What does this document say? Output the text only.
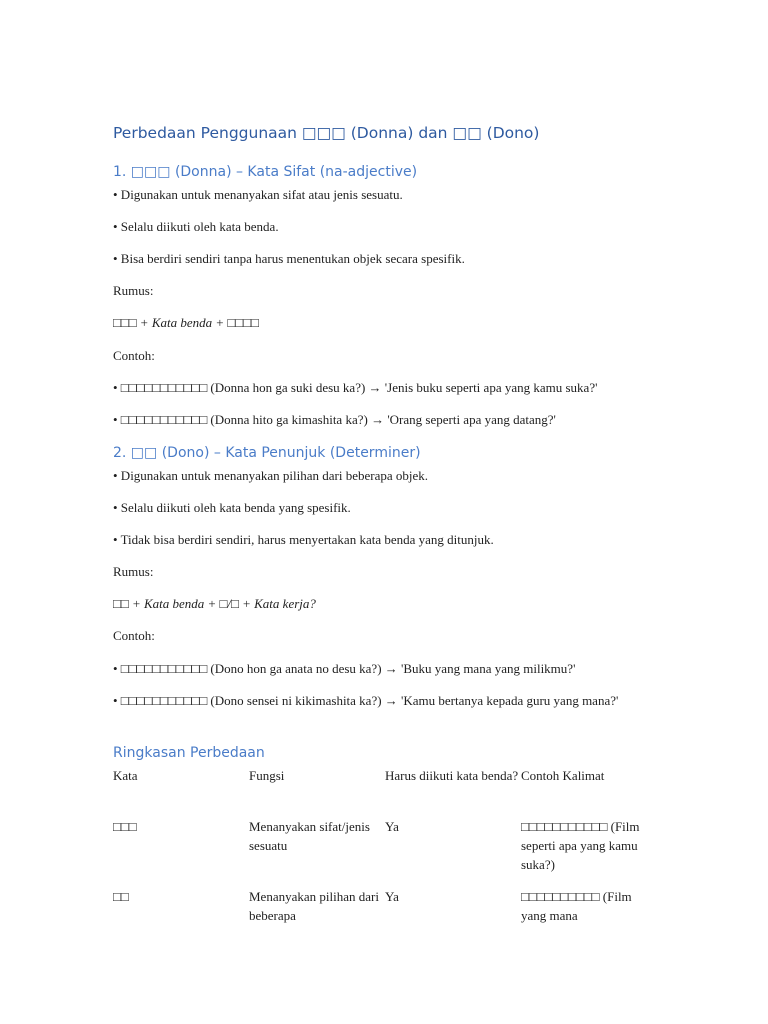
Perbedaan Penggunaan □□□ (Donna) dan □□ (Dono)
1. □□□ (Donna) – Kata Sifat (na-adjective)

• Digunakan untuk menanyakan sifat atau jenis sesuatu.

• Selalu diikuti oleh kata benda.

• Bisa berdiri sendiri tanpa harus menentukan objek secara spesifik.

Rumus:

□□□ + Kata benda + □□□□

Contoh:

• □□□□□□□□□□□ (Donna hon ga suki desu ka?) → 'Jenis buku seperti apa yang kamu suka?'

• □□□□□□□□□□□ (Donna hito ga kimashita ka?) → 'Orang seperti apa yang datang?'

2. □□ (Dono) – Kata Penunjuk (Determiner)

• Digunakan untuk menanyakan pilihan dari beberapa objek.

• Selalu diikuti oleh kata benda yang spesifik.

• Tidak bisa berdiri sendiri, harus menyertakan kata benda yang ditunjuk.

Rumus:

□□ + Kata benda + □/□ + Kata kerja?

Contoh:

• □□□□□□□□□□□ (Dono hon ga anata no desu ka?) → 'Buku yang mana yang milikmu?'

• □□□□□□□□□□□ (Dono sensei ni kikimashita ka?) → 'Kamu bertanya kepada guru yang mana?'

Ringkasan Perbedaan
Kata	Fungsi	Harus diikuti kata benda?	Contoh Kalimat
□□□	Menanyakan sifat/jenis sesuatu	Ya	□□□□□□□□□□□ (Film seperti apa yang kamu suka?)
□□	Menanyakan pilihan dari beberapa	Ya	□□□□□□□□□□ (Film yang mana
